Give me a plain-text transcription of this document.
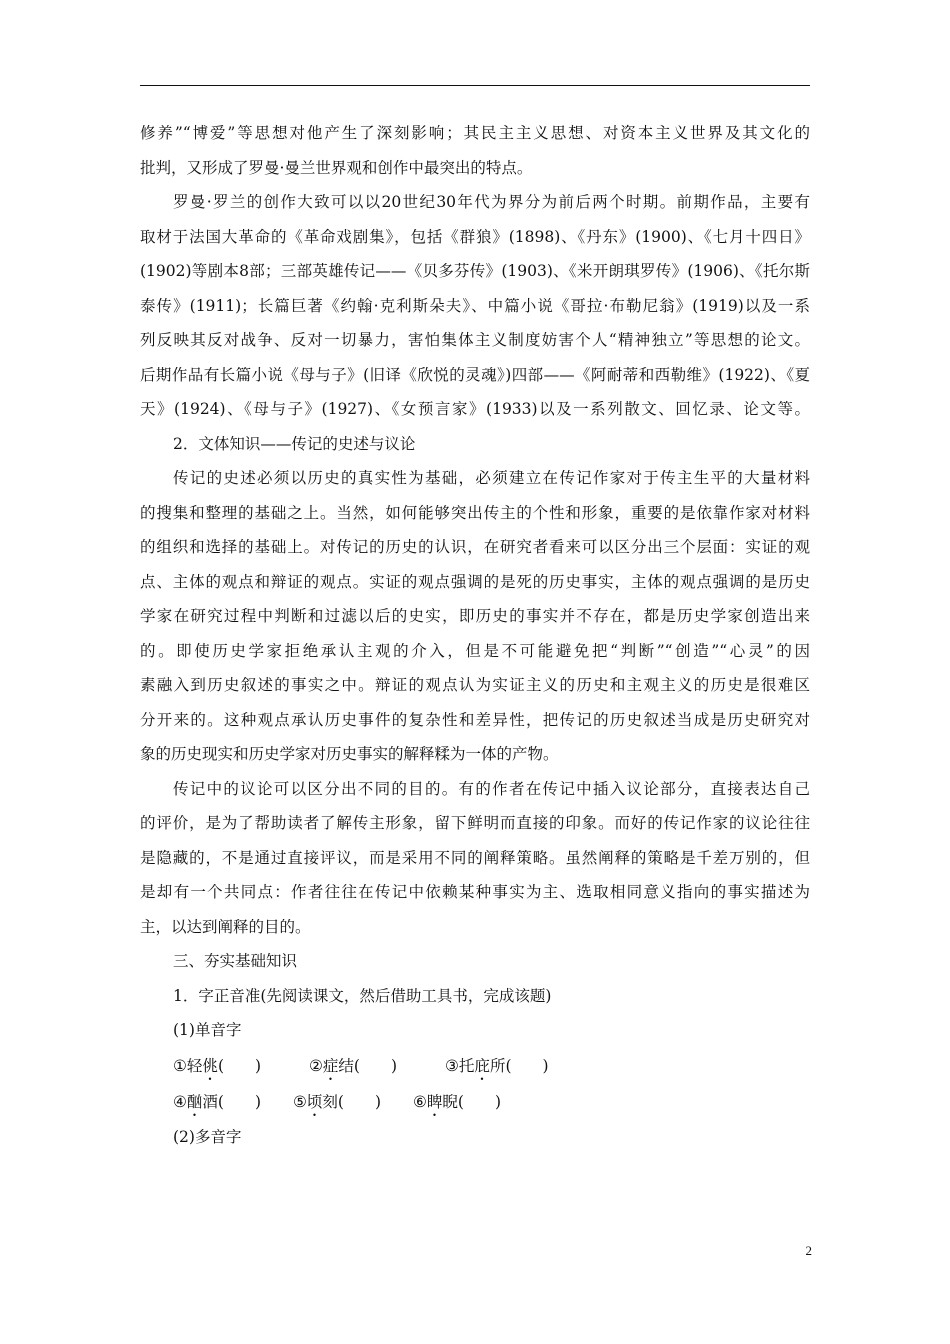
修养”“博爱”等思想对他产生了深刻影响；其民主主义思想、对资本主义世界及其文化的
批判，又形成了罗曼·曼兰世界观和创作中最突出的特点。
罗曼·罗兰的创作大致可以以20世纪30年代为界分为前后两个时期。前期作品，主要有
取材于法国大革命的《革命戏剧集》，包括《群狼》(1898)、《丹东》(1900)、《七月十四日》
(1902)等剧本8部；三部英雄传记——《贝多芬传》(1903)、《米开朗琪罗传》(1906)、《托尔斯
泰传》(1911)；长篇巨著《约翰·克利斯朵夫》、中篇小说《哥拉·布勒尼翁》(1919)以及一系
列反映其反对战争、反对一切暴力，害怕集体主义制度妨害个人“精神独立”等思想的论文。
后期作品有长篇小说《母与子》(旧译《欣悦的灵魂》)四部——《阿耐蒂和西勒维》(1922)、《夏
天》(1924)、《母与子》(1927)、《女预言家》(1933)以及一系列散文、回忆录、论文等。
2．文体知识——传记的史述与议论
传记的史述必须以历史的真实性为基础，必须建立在传记作家对于传主生平的大量材料
的搜集和整理的基础之上。当然，如何能够突出传主的个性和形象，重要的是依靠作家对材料
的组织和选择的基础上。对传记的历史的认识，在研究者看来可以区分出三个层面：实证的观
点、主体的观点和辩证的观点。实证的观点强调的是死的历史事实，主体的观点强调的是历史
学家在研究过程中判断和过滤以后的史实，即历史的事实并不存在，都是历史学家创造出来
的。即使历史学家拒绝承认主观的介入，但是不可能避免把“判断”“创造”“心灵”的因
素融入到历史叙述的事实之中。辩证的观点认为实证主义的历史和主观主义的历史是很难区
分开来的。这种观点承认历史事件的复杂性和差异性，把传记的历史叙述当成是历史研究对
象的历史现实和历史学家对历史事实的解释糅为一体的产物。
传记中的议论可以区分出不同的目的。有的作者在传记中插入议论部分，直接表达自己
的评价，是为了帮助读者了解传主形象，留下鲜明而直接的印象。而好的传记作家的议论往往
是隐藏的，不是通过直接评议，而是采用不同的阐释策略。虽然阐释的策略是千差万别的，但
是却有一个共同点：作者往往在传记中依赖某种事实为主、选取相同意义指向的事实描述为
主，以达到阐释的目的。
三、夯实基础知识
1．字正音准(先阅读课文，然后借助工具书，完成该题)
(1)单音字
①轻佻(　　)	②症结(　　)	③托庇所(　　)
④酗酒(　　) ⑤顷刻(　　) ⑥睥睨(　　)
(2)多音字
2
